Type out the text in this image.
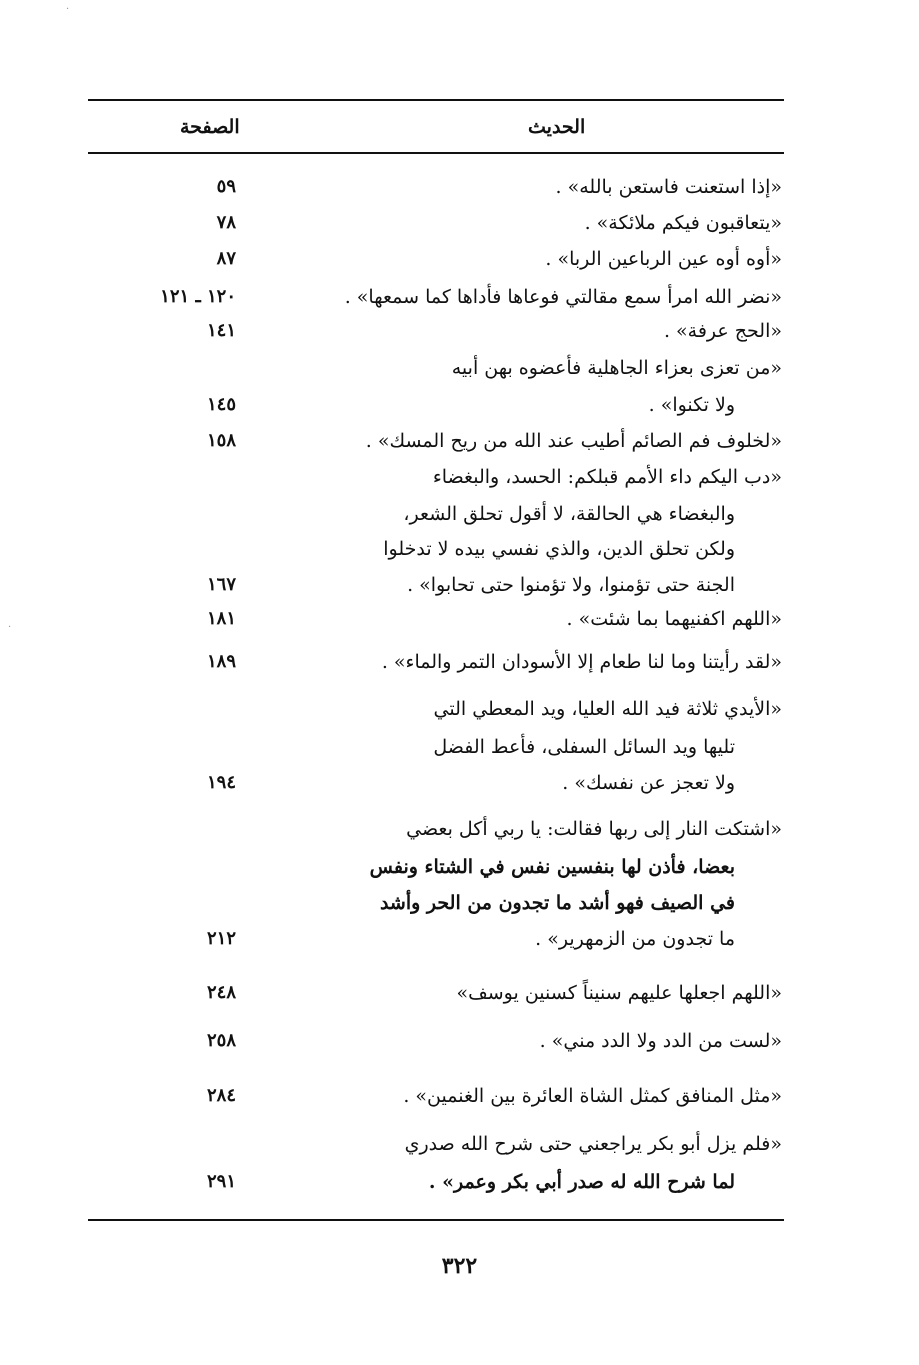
·
·
الصفحة	الحديث
«إذا استعنت فاستعن بالله» .
٥٩
«يتعاقبون فيكم ملائكة» .
٧٨
«أوه أوه عين الرباعين الربا» .
٨٧
«نضر الله امرأ سمع مقالتي فوعاها فأداها كما سمعها» .
١٢٠ ـ ١٢١
«الحج عرفة» .
١٤١
«من تعزى بعزاء الجاهلية فأعضوه بهن أبيه
ولا تكنوا» .
١٤٥
«لخلوف فم الصائم أطيب عند الله من ريح المسك» .
١٥٨
«دب اليكم داء الأمم قبلكم: الحسد، والبغضاء
والبغضاء هي الحالقة، لا أقول تحلق الشعر،
ولكن تحلق الدين، والذي نفسي بيده لا تدخلوا
الجنة حتى تؤمنوا، ولا تؤمنوا حتى تحابوا» .
١٦٧
«اللهم اكفنيهما بما شئت» .
١٨١
«لقد رأيتنا وما لنا طعام إلا الأسودان التمر والماء» .
١٨٩
«الأيدي ثلاثة فيد الله العليا، ويد المعطي التي
تليها ويد السائل السفلى، فأعط الفضل
ولا تعجز عن نفسك» .
١٩٤
«اشتكت النار إلى ربها فقالت: يا ربي أكل بعضي
بعضا، فأذن لها بنفسين نفس في الشتاء ونفس
في الصيف فهو أشد ما تجدون من الحر وأشد
ما تجدون من الزمهرير» .
٢١٢
«اللهم اجعلها عليهم سنيناً كسنين يوسف»
٢٤٨
«لست من الدد ولا الدد مني» .
٢٥٨
«مثل المنافق كمثل الشاة العائرة بين الغنمين» .
٢٨٤
«فلم يزل أبو بكر يراجعني حتى شرح الله صدري
لما شرح الله له صدر أبي بكر وعمر» .
٢٩١
٣٢٢
